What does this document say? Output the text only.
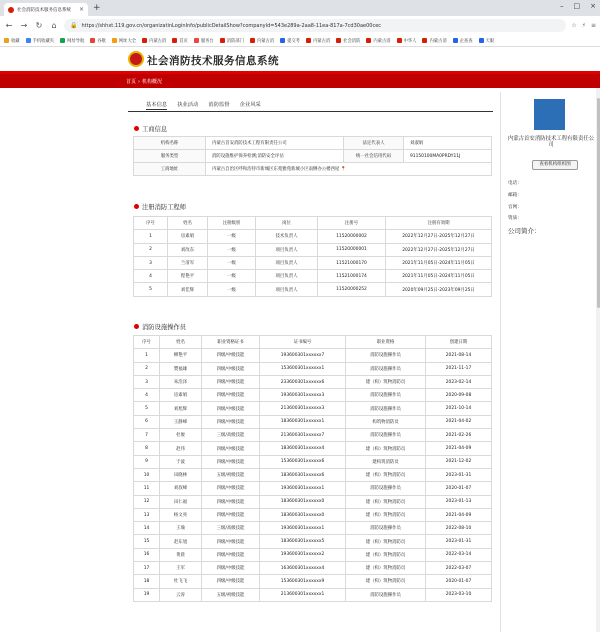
社会消防技术服务信息系统	× +	– □ ×
← → ↻	⌂	🔒 https://shhxt.119.gov.cn/organizatinLoginInfo/publicDetailShow?companyId=543e289a-2aa8-11ea-817a-7cd30ae00cec	☆ ⚡ ≡
收藏	手机收藏夹	网址导航	谷歌	网址大全	内蒙古消	首页	服务台	消防部门	内蒙古消	提交考	内蒙古消	社会消防	内蒙古消	中华人	内蒙古消	企查查	天眼
社会消防技术服务信息系统
首页 › 机构概况
基本信息 执业活动 消防监督 企业风采
工商信息
机构名称	内蒙古首安消防技术工程有限责任公司	法定代表人	刘淑娟
服务类型	消防设施维护保养检测;消防安全评估	统一社会信用代码	91150100MA0PRDY11J
工商地址	内蒙古自治区呼和浩特市新城区东苑雅苑新城小区南侧办公楼西屋 📍		
注册消防工程师
序号	姓名	注册级别	岗位	注册号	注册有效期
1	房素娟	一级	技术负责人	11520000002	2022年12月27日-2025年12月27日
2	刘改东	一级	项目负责人	11520000001	2022年12月27日-2025年12月27日
3	兰清军	一级	项目负责人	11521000170	2021年11月05日-2024年11月05日
4	程艳平	一级	项目负责人	11521000174	2021年11月05日-2024年11月05日
5	刘佳辉	一级	项目负责人	11520000252	2020年09月25日-2023年09月25日
消防设施操作员
序号	姓名	职业资格证书	证书编号	职业资格	创建日期
1	柳艳平	四级/中级技能	193600301xxxxxx7	消防设施操作员	2021-08-14
2	樊福雄	四级/中级技能	153600301xxxxxx1	消防设施操作员	2021-11-17
3	朱浩泽	四级/中级技能	233600301xxxxxx6	建（构）筑物消防员	2023-02-14
4	房素娟	四级/中级技能	193600301xxxxxx3	消防设施操作员	2020-09-08
5	刘旭辉	四级/中级技能	213600301xxxxxx3	消防设施操作员	2021-10-14
6	王静峰	四级/中级技能	183600301xxxxxx1	构筑物消防员	2021-04-02
7	杜俊	三级/高级技能	213600301xxxxxx7	消防设施操作员	2021-02-26
8	赵伟	四级/中级技能	183600301xxxxxx4	建（构）筑物消防员	2021-04-09
9	于波	四级/中级技能	153600301xxxxxx6	建构筑消防员	2021-12-02
10	田晓林	五级/初级技能	183600301xxxxxx6	建（构）筑物消防员	2023-01-31
11	刘叔峰	四级/中级技能	193600301xxxxxx1	消防设施操作员	2020-01-07
12	田仁福	四级/中级技能	183600301xxxxxx0	建（构）筑物消防员	2023-01-13
13	杨文亮	四级/中级技能	183600301xxxxxx0	建（构）筑物消防员	2021-04-09
14	王瑜	三级/高级技能	193600301xxxxxx1	消防设施操作员	2022-08-10
15	赵东旭	四级/中级技能	183600301xxxxxx5	建（构）筑物消防员	2023-01-31
16	黄晨	四级/中级技能	193600301xxxxxx2	建（构）筑物消防员	2022-03-14
17	王军	四级/中级技能	163600301xxxxxx4	建（构）筑物消防员	2022-03-07
18	杜飞飞	四级/中级技能	153600301xxxxxx9	建（构）筑物消防员	2020-01-07
19	云涛	五级/初级技能	213600301xxxxxx1	消防设施操作员	2023-03-10
内蒙古首安消防技术工程有限责任公司
查看机构组织图
电话：
邮箱：
官网：
资质：
公司简介：
